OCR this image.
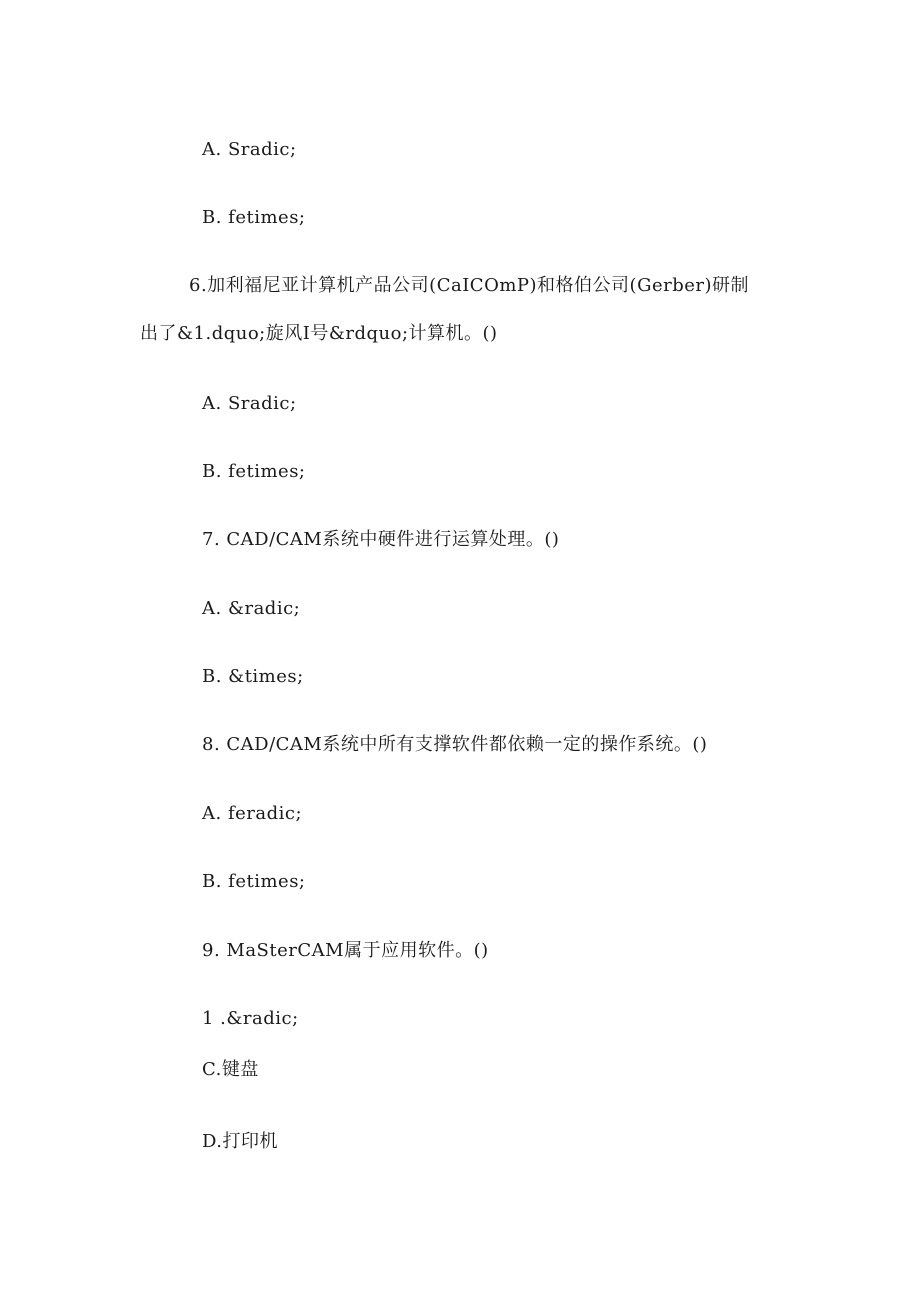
A. Sradic;
B. fetimes;
6.加利福尼亚计算机产品公司(CaICOmP)和格伯公司(Gerber)研制
出了&1.dquo;旋风I号&rdquo;计算机。()
A. Sradic;
B. fetimes;
7. CAD/CAM系统中硬件进行运算处理。()
A. &radic;
B. &times;
8. CAD/CAM系统中所有支撑软件都依赖一定的操作系统。()
A. feradic;
B. fetimes;
9. MaSterCAM属于应用软件。()
1 .&radic;
C.键盘
D.打印机
